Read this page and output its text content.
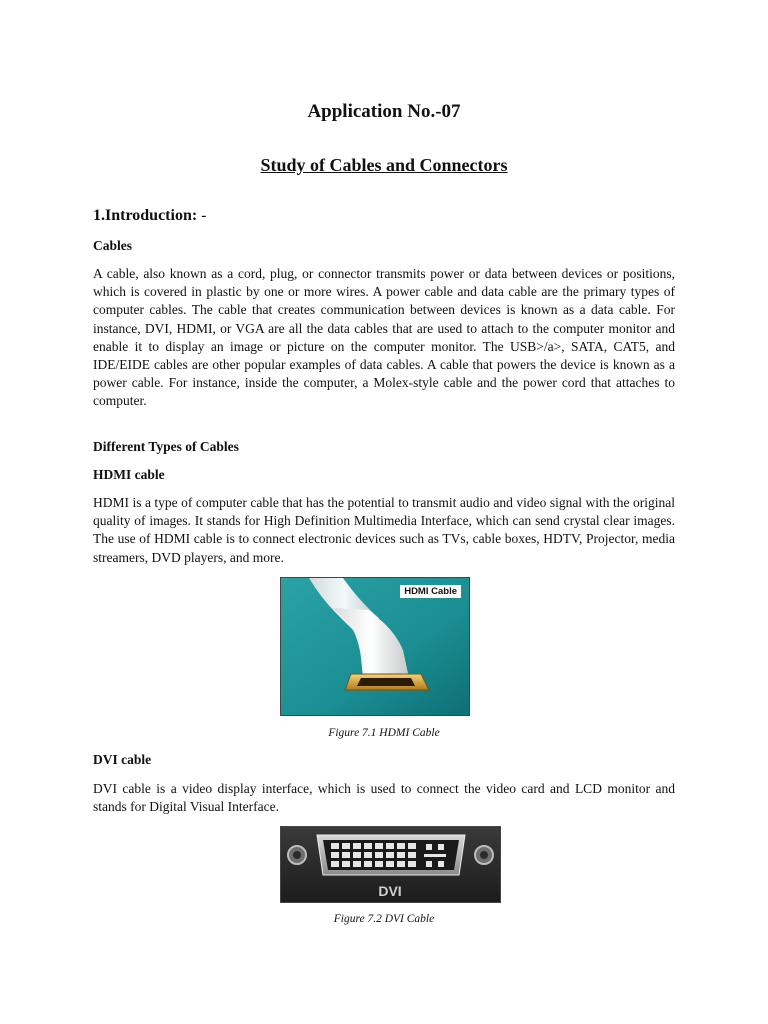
Application No.-07
Study of Cables and Connectors

1.Introduction: -

Cables

A cable, also known as a cord, plug, or connector transmits power or data between devices or positions, which is covered in plastic by one or more wires. A power cable and data cable are the primary types of computer cables. The cable that creates communication between devices is known as a data cable. For instance, DVI, HDMI, or VGA are all the data cables that are used to attach to the computer monitor and enable it to display an image or picture on the computer monitor. The USB>/a>, SATA, CAT5, and IDE/EIDE cables are other popular examples of data cables. A cable that powers the device is known as a power cable. For instance, inside the computer, a Molex-style cable and the power cord that attaches to computer.

Different Types of Cables

HDMI cable

HDMI is a type of computer cable that has the potential to transmit audio and video signal with the original quality of images. It stands for High Definition Multimedia Interface, which can send crystal clear images. The use of HDMI cable is to connect electronic devices such as TVs, cable boxes, HDTV, Projector, media streamers, DVD players, and more.

HDMI Cable

Figure 7.1 HDMI Cable

DVI cable

DVI cable is a video display interface, which is used to connect the video card and LCD monitor and stands for Digital Visual Interface.

DVI

Figure 7.2 DVI Cable
